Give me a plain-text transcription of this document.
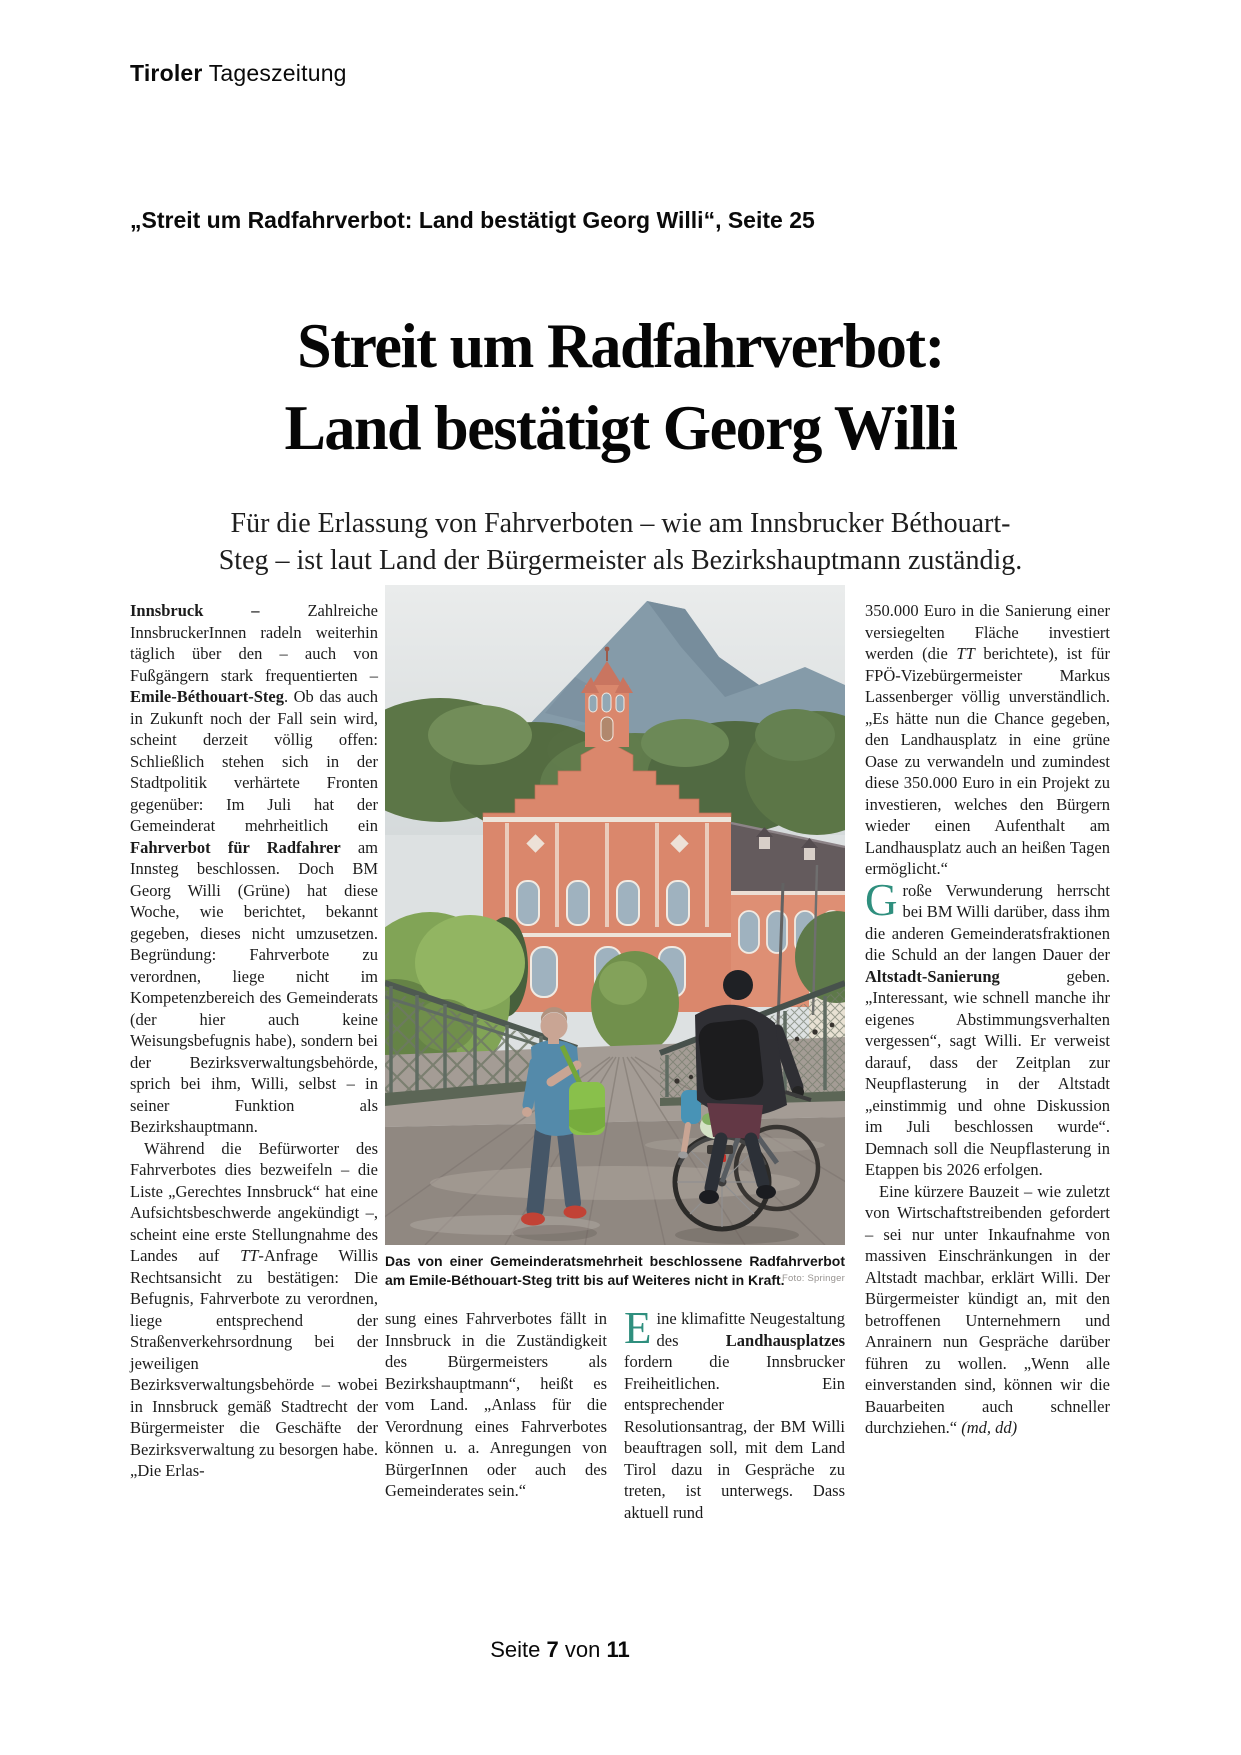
Tiroler Tageszeitung
„Streit um Radfahrverbot: Land bestätigt Georg Willi“, Seite 25
Streit um Radfahrverbot:
Land bestätigt Georg Willi
Für die Erlassung von Fahrverboten – wie am Innsbrucker Béthouart-
Steg – ist laut Land der Bürgermeister als Bezirkshauptmann zuständig.

Innsbruck – Zahlreiche InnsbruckerInnen radeln weiterhin täglich über den – auch von Fußgängern stark frequentierten – Emile-Béthouart-Steg. Ob das auch in Zukunft noch der Fall sein wird, scheint derzeit völlig offen: Schließlich stehen sich in der Stadtpolitik verhärtete Fronten gegenüber: Im Juli hat der Gemeinderat mehrheitlich ein Fahrverbot für Radfahrer am Innsteg beschlossen. Doch BM Georg Willi (Grüne) hat diese Woche, wie berichtet, bekannt gegeben, dieses nicht umzusetzen. Begründung: Fahrverbote zu verordnen, liege nicht im Kompetenzbereich des Gemeinderats (der hier auch keine Weisungsbefugnis habe), sondern bei der Bezirksverwaltungsbehörde, sprich bei ihm, Willi, selbst – in seiner Funktion als Bezirkshauptmann.

Während die Befürworter des Fahrverbotes dies bezweifeln – die Liste „Gerechtes Innsbruck“ hat eine Aufsichtsbeschwerde angekündigt –, scheint eine erste Stellungnahme des Landes auf TT-Anfrage Willis Rechtsansicht zu bestätigen: Die Befugnis, Fahrverbote zu verordnen, liege entsprechend der Straßenverkehrsordnung bei der jeweiligen Bezirksverwaltungsbehörde – wobei in Innsbruck gemäß Stadtrecht der Bürgermeister die Geschäfte der Bezirksverwaltung zu besorgen habe. „Die Erlas-

Das von einer Gemeinderatsmehrheit beschlossene Radfahrverbot am Emile-Béthouart-Steg tritt bis auf Weiteres nicht in Kraft.
Foto: Springer

sung eines Fahrverbotes fällt in Innsbruck in die Zuständigkeit des Bürgermeisters als Bezirkshauptmann“, heißt es vom Land. „Anlass für die Verordnung eines Fahrverbotes können u. a. Anregungen von BürgerInnen oder auch des Gemeinderates sein.“

Eine klimafitte Neugestaltung des Landhausplatzes fordern die Innsbrucker Freiheitlichen. Ein entsprechender Resolutionsantrag, der BM Willi beauftragen soll, mit dem Land Tirol dazu in Gespräche zu treten, ist unterwegs. Dass aktuell rund

350.000 Euro in die Sanierung einer versiegelten Fläche investiert werden (die TT berichtete), ist für FPÖ-Vizebürgermeister Markus Lassenberger völlig unverständlich. „Es hätte nun die Chance gegeben, den Landhausplatz in eine grüne Oase zu verwandeln und zumindest diese 350.000 Euro in ein Projekt zu investieren, welches den Bürgern wieder einen Aufenthalt am Landhausplatz auch an heißen Tagen ermöglicht.“

Große Verwunderung herrscht bei BM Willi darüber, dass ihm die anderen Gemeinderatsfraktionen die Schuld an der langen Dauer der Altstadt-Sanierung geben. „Interessant, wie schnell manche ihr eigenes Abstimmungsverhalten vergessen“, sagt Willi. Er verweist darauf, dass der Zeitplan zur Neupflasterung in der Altstadt „einstimmig und ohne Diskussion im Juli beschlossen wurde“. Demnach soll die Neupflasterung in Etappen bis 2026 erfolgen.

Eine kürzere Bauzeit – wie zuletzt von Wirtschaftstreibenden gefordert – sei nur unter Inkaufnahme von massiven Einschränkungen in der Altstadt machbar, erklärt Willi. Der Bürgermeister kündigt an, mit den betroffenen Unternehmern und Anrainern nun Gespräche darüber führen zu wollen. „Wenn alle einverstanden sind, können wir die Bauarbeiten auch schneller durchziehen.“ (md, dd)

Seite 7 von 11
